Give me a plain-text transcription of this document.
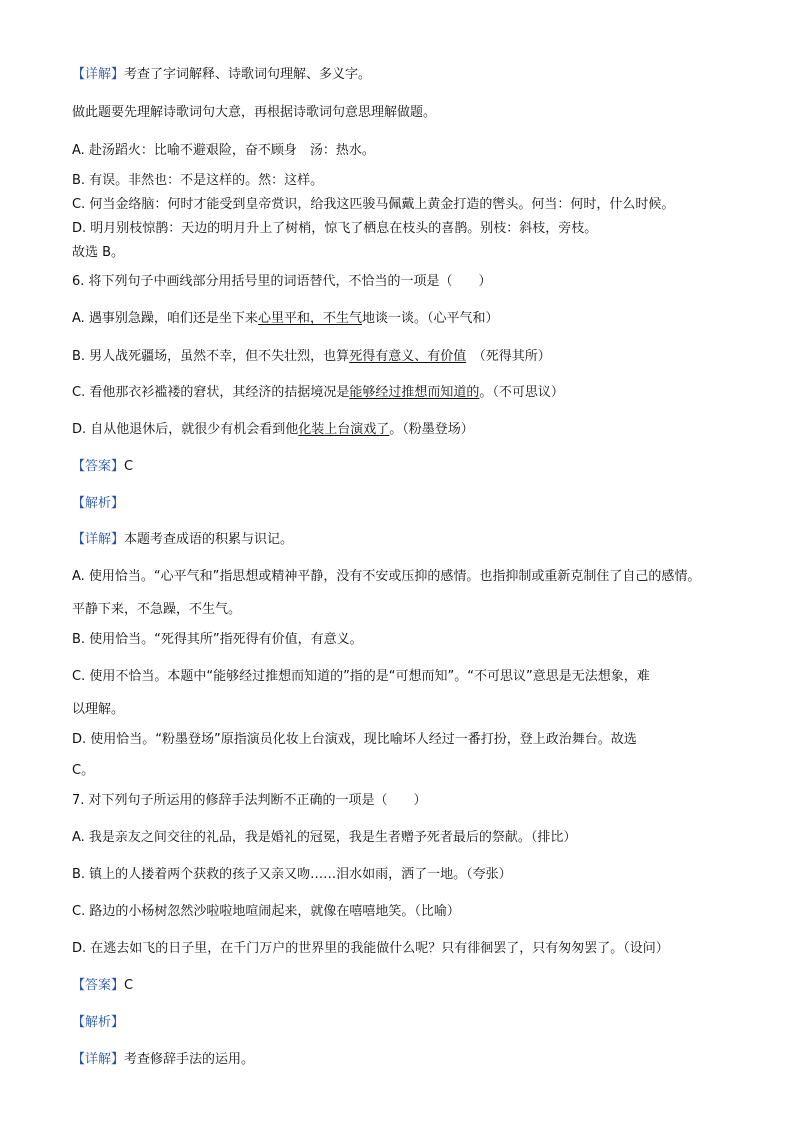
【详解】考查了字词解释、诗歌词句理解、多义字。
做此题要先理解诗歌词句大意，再根据诗歌词句意思理解做题。
A. 赴汤蹈火：比喻不避艰险，奋不顾身　汤：热水。
B. 有误。非然也：不是这样的。然：这样。
C. 何当金络脑：何时才能受到皇帝赏识，给我这匹骏马佩戴上黄金打造的辔头。何当：何时，什么时候。
D. 明月别枝惊鹊：天边的明月升上了树梢，惊飞了栖息在枝头的喜鹊。别枝：斜枝，旁枝。
故选 B。
6. 将下列句子中画线部分用括号里的词语替代，不恰当的一项是（　　）
A. 遇事别急躁，咱们还是坐下来心里平和，不生气地谈一谈。（心平气和）
B. 男人战死疆场，虽然不幸，但不失壮烈，也算死得有意义、有价值　（死得其所）
C. 看他那衣衫褴褛的窘状，其经济的拮据境况是能够经过推想而知道的。（不可思议）
D. 自从他退休后，就很少有机会看到他化装上台演戏了。（粉墨登场）
【答案】C
【解析】
【详解】本题考查成语的积累与识记。
A. 使用恰当。“心平气和”指思想或精神平静，没有不安或压抑的感情。也指抑制或重新克制住了自己的感情。
平静下来，不急躁，不生气。
B. 使用恰当。“死得其所”指死得有价值，有意义。
C. 使用不恰当。本题中“能够经过推想而知道的”指的是“可想而知”。“不可思议”意思是无法想象，难
以理解。
D. 使用恰当。“粉墨登场”原指演员化妆上台演戏，现比喻坏人经过一番打扮，登上政治舞台。故选
C。
7. 对下列句子所运用的修辞手法判断不正确的一项是（　　）
A. 我是亲友之间交往的礼品，我是婚礼的冠冕，我是生者赠予死者最后的祭献。（排比）
B. 镇上的人搂着两个获救的孩子又亲又吻……泪水如雨，洒了一地。（夸张）
C. 路边的小杨树忽然沙啦啦地喧闹起来，就像在嘻嘻地笑。（比喻）
D. 在逃去如飞的日子里，在千门万户的世界里的我能做什么呢？只有徘徊罢了，只有匆匆罢了。（设问）
【答案】C
【解析】
【详解】考查修辞手法的运用。
